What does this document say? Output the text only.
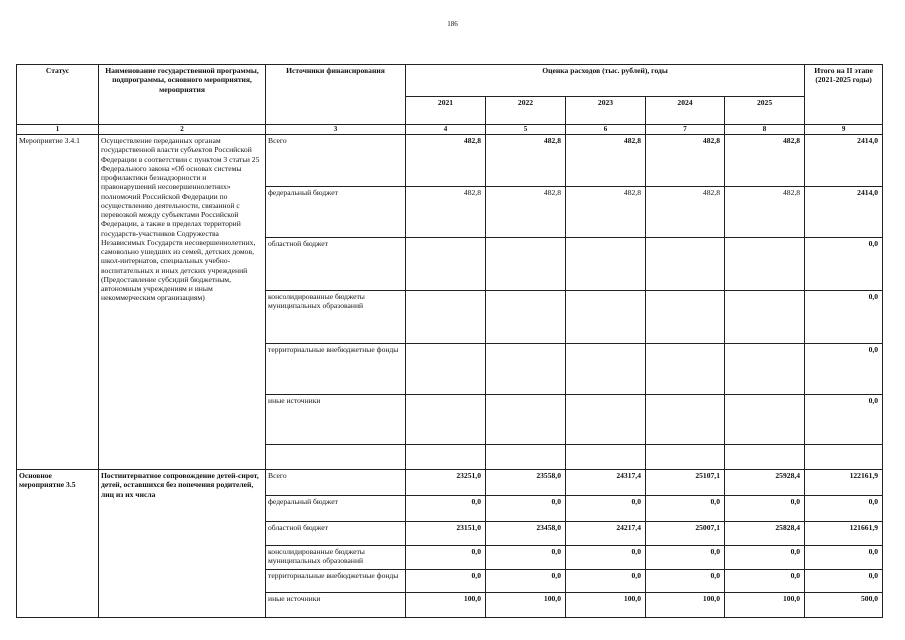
186
Статус	Наименование государственной программы, подпрограммы, основного мероприятия, мероприятия	Источники финансирования	Оценка расходов (тыс. рублей), годы					Итого на II этапе (2021-2025 годы)
			2021	2022	2023	2024	2025	
1	2	3	4	5	6	7	8	9
Мероприятие 3.4.1	Осуществление переданных органам государственной власти субъектов Российской Федерации в соответствии с пунктом 3 статьи 25 Федерального закона «Об основах системы профилактики безнадзорности и правонарушений несовершеннолетних» полномочий Российской Федерации по осуществлению деятельности, связанной с перевозкой между субъектами Российской Федерации, а также в пределах территорий государств-участников Содружества Независимых Государств несовершеннолетних, самовольно ушедших из семей, детских домов, школ-интернатов, специальных учебно-воспитательных и иных детских учреждений (Предоставление субсидий бюджетным, автономным учреждениям и иным некоммерческим организациям)	Всего	482,8	482,8	482,8	482,8	482,8	2414,0
		федеральный бюджет	482,8	482,8	482,8	482,8	482,8	2414,0
		областной бюджет						0,0
		консолидированные бюджеты муниципальных образований						0,0
		территориальные внебюджетные фонды						0,0
		иные источники						0,0

Основное мероприятие 3.5	Постинтернатное сопровождение детей-сирот, детей, оставшихся без попечения родителей, лиц из их числа	Всего	23251,0	23558,0	24317,4	25107,1	25928,4	122161,9
		федеральный бюджет	0,0	0,0	0,0	0,0	0,0	0,0
		областной бюджет	23151,0	23458,0	24217,4	25007,1	25828,4	121661,9
		консолидированные бюджеты муниципальных образований	0,0	0,0	0,0	0,0	0,0	0,0
		территориальные внебюджетные фонды	0,0	0,0	0,0	0,0	0,0	0,0
		иные источники	100,0	100,0	100,0	100,0	100,0	500,0
